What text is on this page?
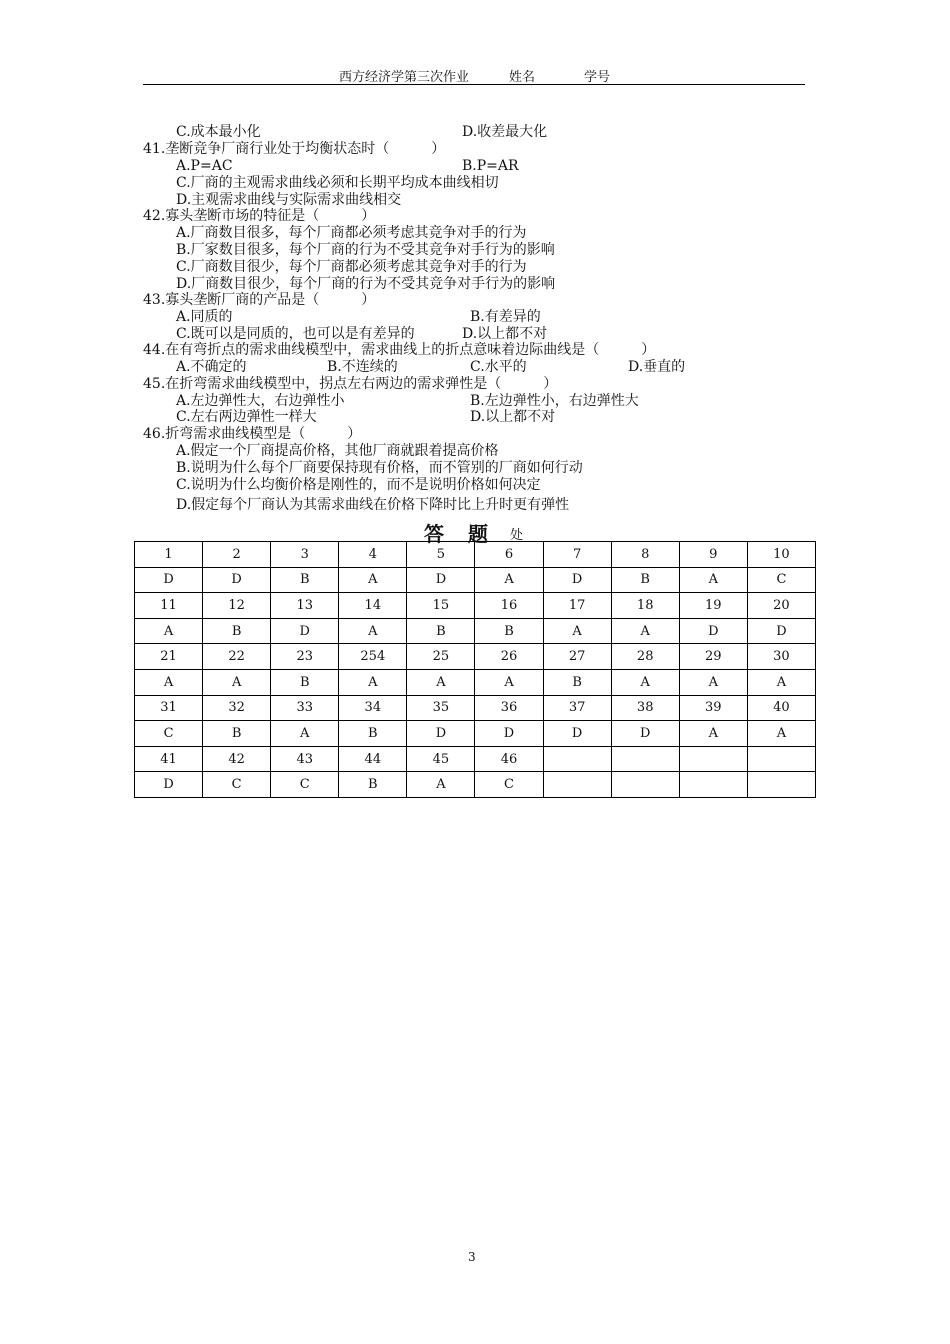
西方经济学第三次作业	姓名	学号
C.成本最小化	D.收差最大化
41.垄断竞争厂商行业处于均衡状态时（　　　）
A.P=AC	B.P=AR
C.厂商的主观需求曲线必须和长期平均成本曲线相切
D.主观需求曲线与实际需求曲线相交
42.寡头垄断市场的特征是（　　　）
A.厂商数目很多，每个厂商都必须考虑其竞争对手的行为
B.厂家数目很多，每个厂商的行为不受其竞争对手行为的影响
C.厂商数目很少，每个厂商都必须考虑其竞争对手的行为
D.厂商数目很少，每个厂商的行为不受其竞争对手行为的影响
43.寡头垄断厂商的产品是（　　　）
A.同质的	B.有差异的
C.既可以是同质的，也可以是有差异的	D.以上都不对
44.在有弯折点的需求曲线模型中，需求曲线上的折点意味着边际曲线是（　　　）
A.不确定的	B.不连续的	C.水平的	D.垂直的
45.在折弯需求曲线模型中，拐点左右两边的需求弹性是（　　　）
A.左边弹性大，右边弹性小	B.左边弹性小，右边弹性大
C.左右两边弹性一样大	D.以上都不对
46.折弯需求曲线模型是（　　　）
A.假定一个厂商提高价格，其他厂商就跟着提高价格
B.说明为什么每个厂商要保持现有价格，而不管别的厂商如何行动
C.说明为什么均衡价格是刚性的，而不是说明价格如何决定
D.假定每个厂商认为其需求曲线在价格下降时比上升时更有弹性
答　题 处
1	2	3	4	5	6	7	8	9	10
D	D	B	A	D	A	D	B	A	C
11	12	13	14	15	16	17	18	19	20
A	B	D	A	B	B	A	A	D	D
21	22	23	254	25	26	27	28	29	30
A	A	B	A	A	A	B	A	A	A
31	32	33	34	35	36	37	38	39	40
C	B	A	B	D	D	D	D	A	A
41	42	43	44	45	46				
D	C	C	B	A	C				
3
